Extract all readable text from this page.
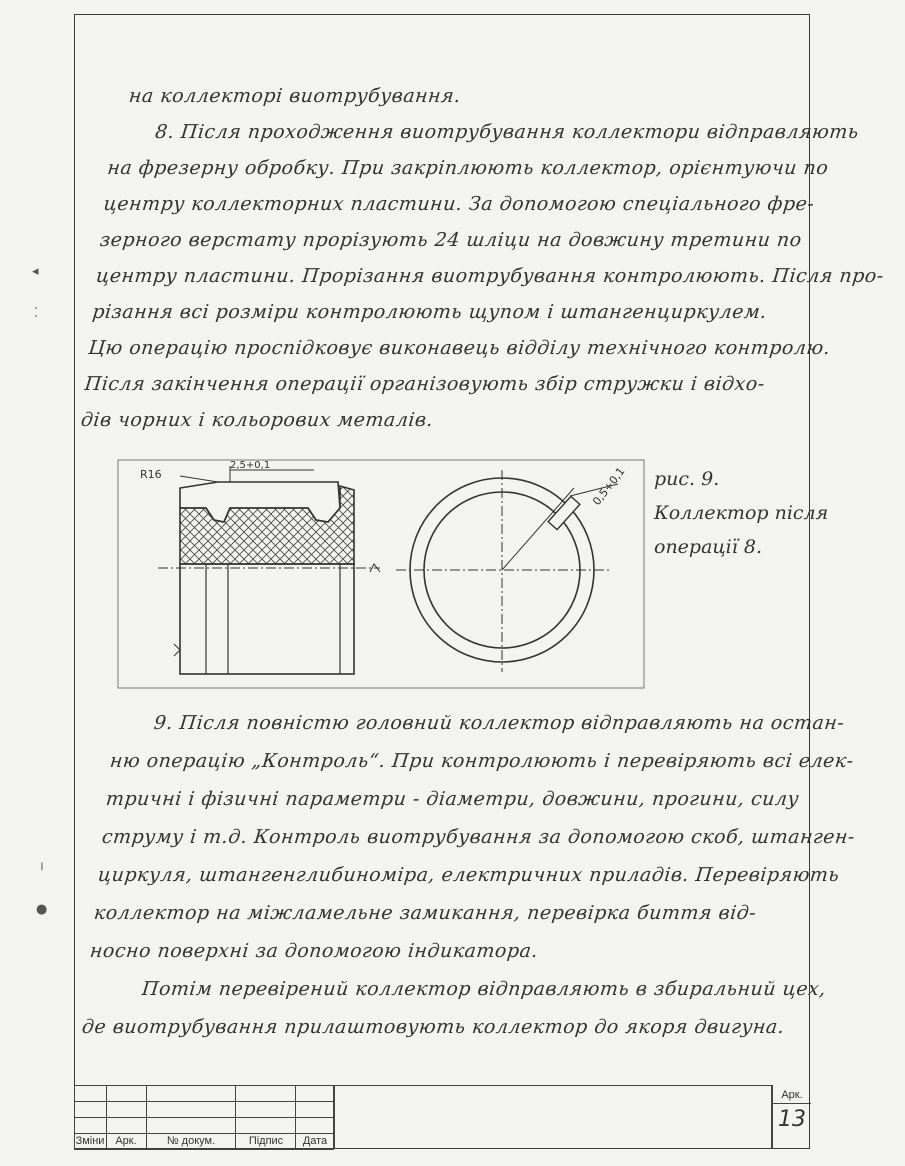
◂
⁚
╷
●
на коллекторі виотрубування.
8. Після проходження виотрубування коллектори відправляють
на фрезерну обробку. При закріплюють коллектор, орієнтуючи по
центру коллекторних пластини. За допомогою спеціального фре-
зерного верстату прорізують 24 шліци на довжину третини по
центру пластини. Прорізання виотрубування контролюють. Після про-
різання всі розміри контролюють щупом і штангенциркулем.
Цю операцію проспідковує виконавець відділу технічного контролю.
Після закінчення операції організовують збір стружки і відхо-
дів чорних і кольорових металів.
R16
2,5+0,1	0,5+0,1 рис. 9.
Коллектор після
операції 8.
9. Після повністю головний коллектор відправляють на остан-
ню операцію „Контроль“. При контролюють і перевіряють всі елек-
тричні і фізичні параметри - діаметри, довжини, прогини, силу
струму і т.д. Контроль виотрубування за допомогою скоб, штанген-
циркуля, штангенглибиноміра, електричних приладів. Перевіряють
коллектор на міжламельне замикання, перевірка биття від-
носно поверхні за допомогою індикатора.
Потім перевірений коллектор відправляють в збиральний цех,
де виотрубування прилаштовують коллектор до якоря двигуна.

Зміни Арк.	№ докум.	Підпис	Дата
Арк.
13
